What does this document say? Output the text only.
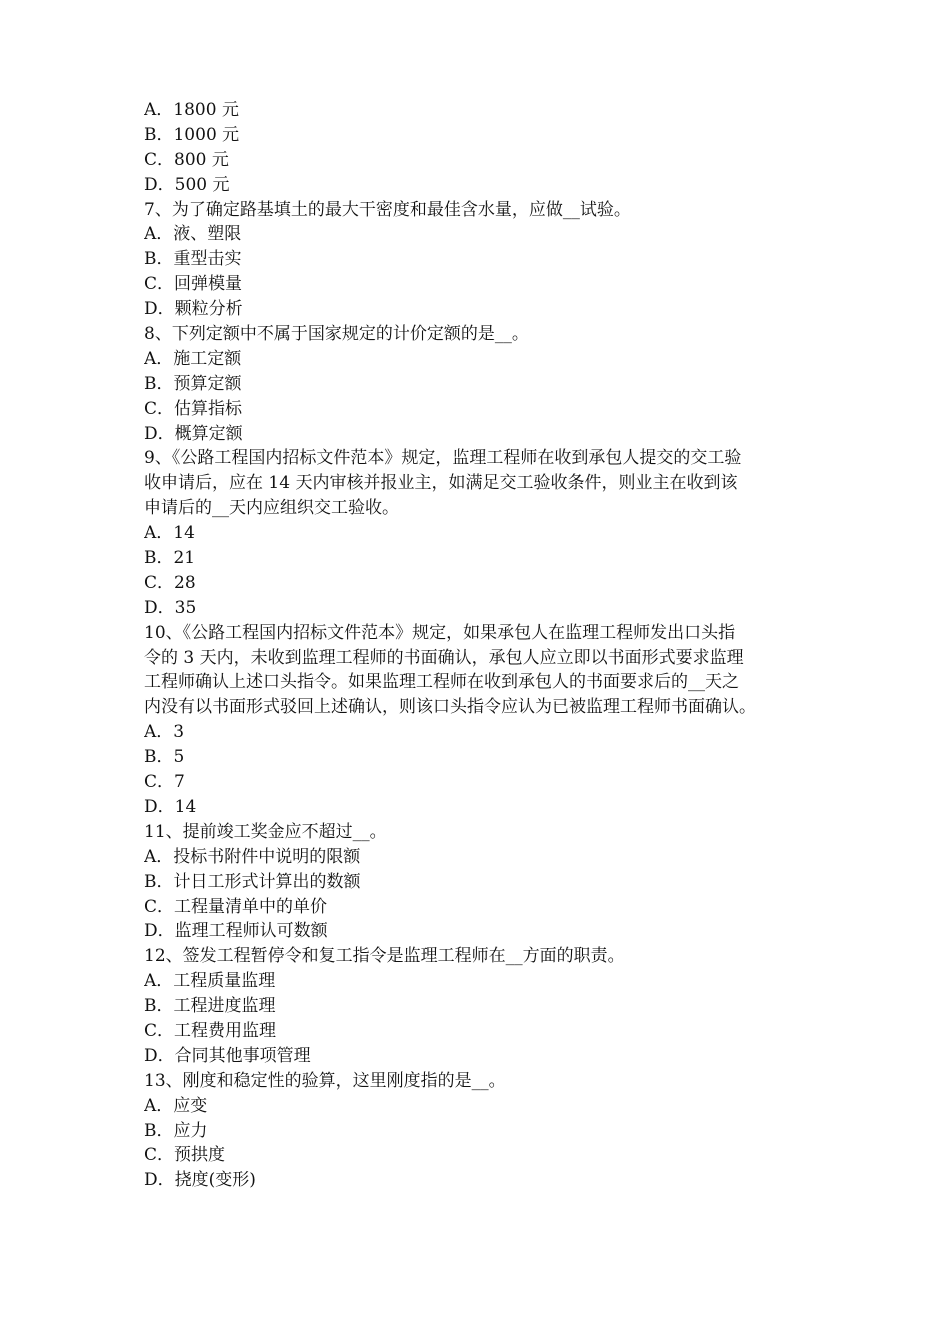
A．1800 元
B．1000 元
C．800 元
D．500 元
7、为了确定路基填土的最大干密度和最佳含水量，应做__试验。
A．液、塑限
B．重型击实
C．回弹模量
D．颗粒分析
8、下列定额中不属于国家规定的计价定额的是__。
A．施工定额
B．预算定额
C．估算指标
D．概算定额
9、《公路工程国内招标文件范本》规定，监理工程师在收到承包人提交的交工验
收申请后，应在 14 天内审核并报业主，如满足交工验收条件，则业主在收到该
申请后的__天内应组织交工验收。
A．14
B．21
C．28
D．35
10、《公路工程国内招标文件范本》规定，如果承包人在监理工程师发出口头指
令的 3 天内，未收到监理工程师的书面确认，承包人应立即以书面形式要求监理
工程师确认上述口头指令。如果监理工程师在收到承包人的书面要求后的__天之
内没有以书面形式驳回上述确认，则该口头指令应认为已被监理工程师书面确认。
A．3
B．5
C．7
D．14
11、提前竣工奖金应不超过__。
A．投标书附件中说明的限额
B．计日工形式计算出的数额
C．工程量清单中的单价
D．监理工程师认可数额
12、签发工程暂停令和复工指令是监理工程师在__方面的职责。
A．工程质量监理
B．工程进度监理
C．工程费用监理
D．合同其他事项管理
13、刚度和稳定性的验算，这里刚度指的是__。
A．应变
B．应力
C．预拱度
D．挠度(变形)
